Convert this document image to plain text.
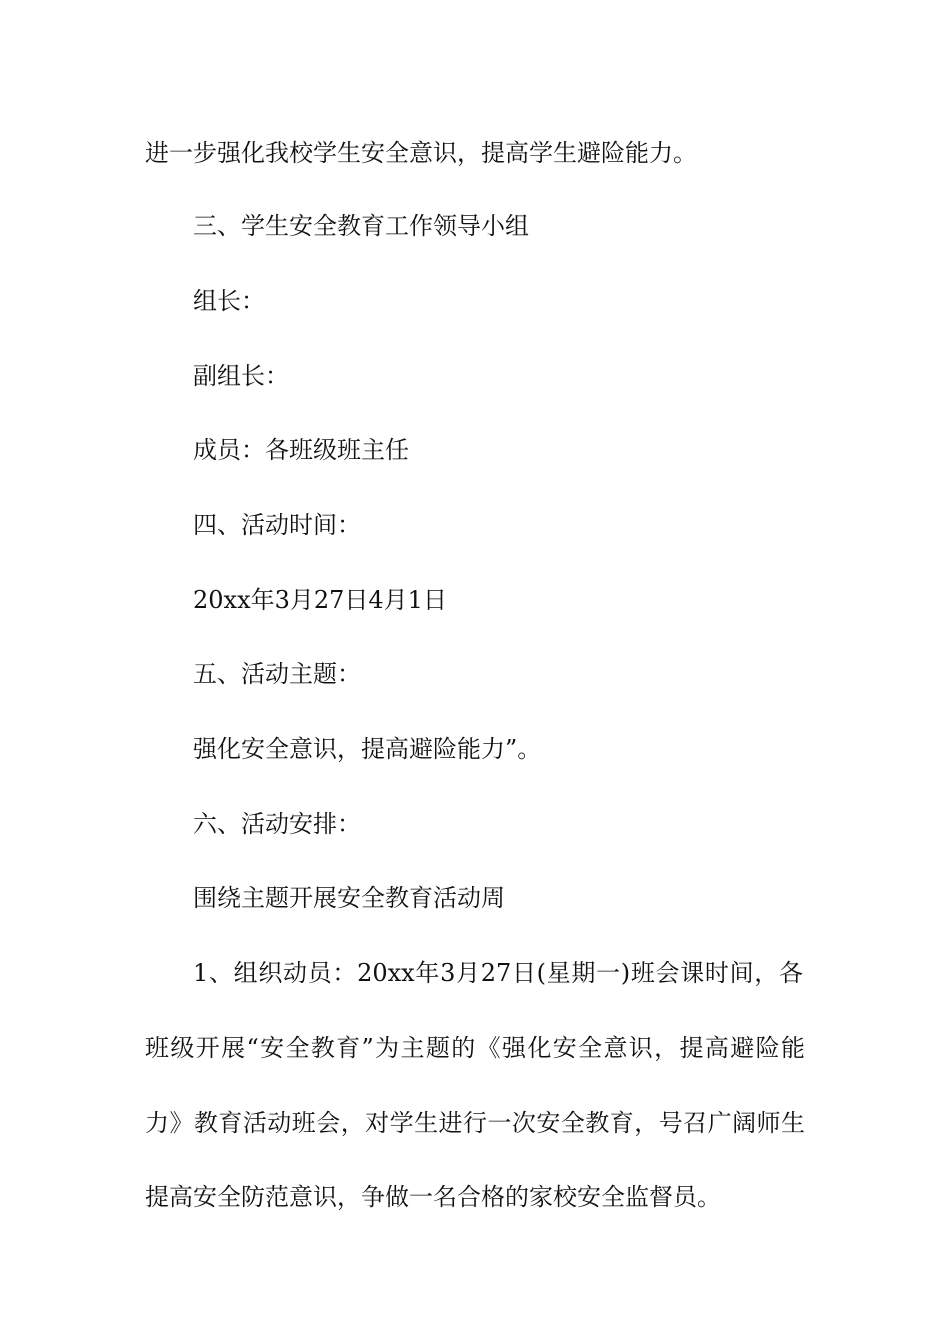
进一步强化我校学生安全意识，提高学生避险能力。
三、学生安全教育工作领导小组
组长：
副组长：
成员：各班级班主任
四、活动时间：
20xx年3月27日4月1日
五、活动主题：
强化安全意识，提高避险能力”。
六、活动安排：
围绕主题开展安全教育活动周
1、组织动员：20xx年3月27日(星期一)班会课时间，各
班级开展“安全教育”为主题的《强化安全意识，提高避险能
力》教育活动班会，对学生进行一次安全教育，号召广阔师生
提高安全防范意识，争做一名合格的家校安全监督员。
